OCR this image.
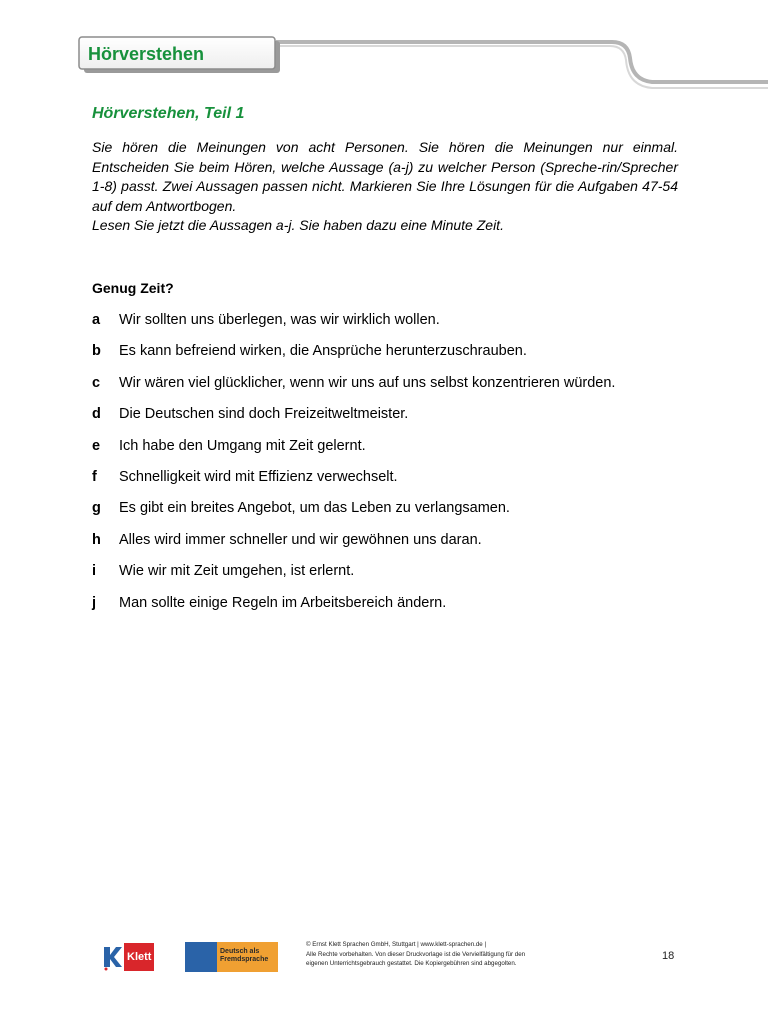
Hörverstehen
Hörverstehen, Teil 1

Sie hören die Meinungen von acht Personen. Sie hören die Meinungen nur einmal. Entscheiden Sie beim Hören, welche Aussage (a-j) zu welcher Person (Spreche-rin/Sprecher 1-8) passt. Zwei Aussagen passen nicht. Markieren Sie Ihre Lösungen für die Aufgaben 47-54 auf dem Antwortbogen.

Lesen Sie jetzt die Aussagen a-j. Sie haben dazu eine Minute Zeit.

Genug Zeit?
a	Wir sollten uns überlegen, was wir wirklich wollen.
b	Es kann befreiend wirken, die Ansprüche herunterzuschrauben.
c	Wir wären viel glücklicher, wenn wir uns auf uns selbst konzentrieren würden.
d	Die Deutschen sind doch Freizeitweltmeister.
e	Ich habe den Umgang mit Zeit gelernt.
f	Schnelligkeit wird mit Effizienz verwechselt.
g	Es gibt ein breites Angebot, um das Leben zu verlangsamen.
h	Alles wird immer schneller und wir gewöhnen uns daran.
i	Wie wir mit Zeit umgehen, ist erlernt.
j	Man sollte einige Regeln im Arbeitsbereich ändern.
Klett	Deutsch als
Fremdsprache
© Ernst Klett Sprachen GmbH, Stuttgart | www.klett-sprachen.de |
Alle Rechte vorbehalten. Von dieser Druckvorlage ist die Vervielfältigung für den
eigenen Unterrichtsgebrauch gestattet. Die Kopiergebühren sind abgegolten.
18
